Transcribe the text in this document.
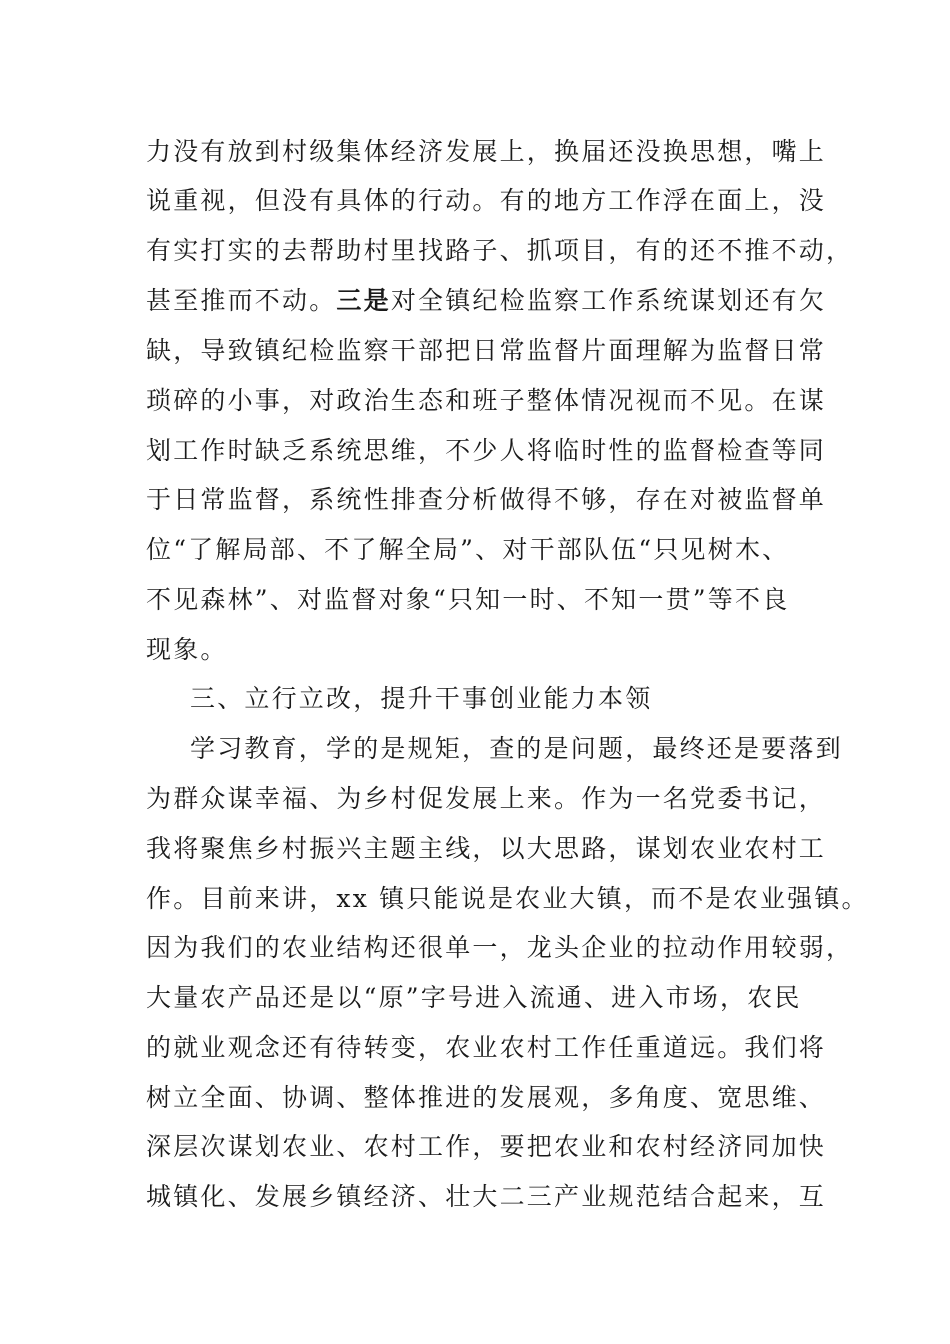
力没有放到村级集体经济发展上，换届还没换思想，嘴上
说重视，但没有具体的行动。有的地方工作浮在面上，没
有实打实的去帮助村里找路子、抓项目，有的还不推不动，
甚至推而不动。三是对全镇纪检监察工作系统谋划还有欠
缺，导致镇纪检监察干部把日常监督片面理解为监督日常
琐碎的小事，对政治生态和班子整体情况视而不见。在谋
划工作时缺乏系统思维，不少人将临时性的监督检查等同
于日常监督，系统性排查分析做得不够，存在对被监督单
位“了解局部、不了解全局”、对干部队伍“只见树木、
不见森林”、对监督对象“只知一时、不知一贯”等不良
现象。
三、立行立改，提升干事创业能力本领
学习教育，学的是规矩，查的是问题，最终还是要落到
为群众谋幸福、为乡村促发展上来。作为一名党委书记，
我将聚焦乡村振兴主题主线，以大思路，谋划农业农村工
作。目前来讲，xx 镇只能说是农业大镇，而不是农业强镇。
因为我们的农业结构还很单一，龙头企业的拉动作用较弱，
大量农产品还是以“原”字号进入流通、进入市场，农民
的就业观念还有待转变，农业农村工作任重道远。我们将
树立全面、协调、整体推进的发展观，多角度、宽思维、
深层次谋划农业、农村工作，要把农业和农村经济同加快
城镇化、发展乡镇经济、壮大二三产业规范结合起来，互
